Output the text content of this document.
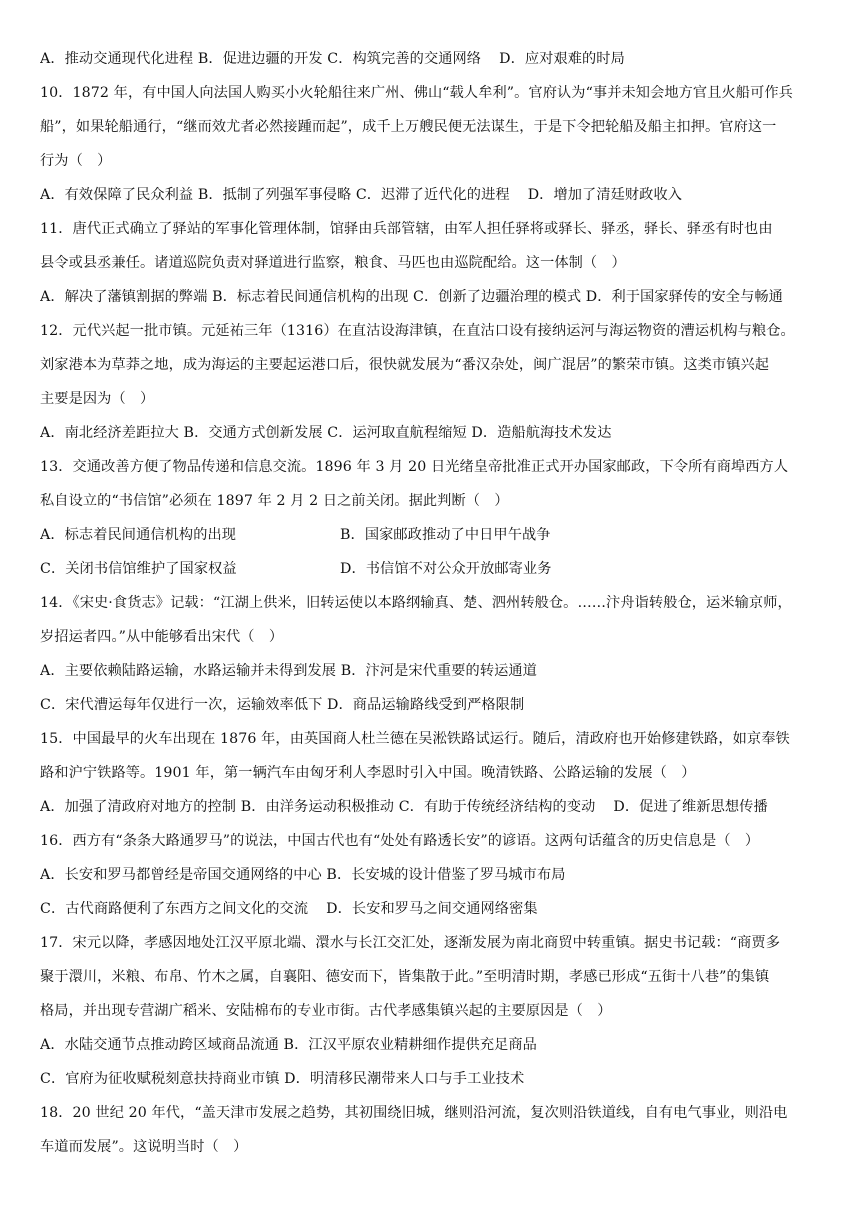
A．推动交通现代化进程 B．促进边疆的开发 C．构筑完善的交通网络 D．应对艰难的时局
10．1872 年，有中国人向法国人购买小火轮船往来广州、佛山“载人牟利”。官府认为“事并未知会地方官且火船可作兵
船”，如果轮船通行，“继而效尤者必然接踵而起”，成千上万艘民便无法谋生，于是下令把轮船及船主扣押。官府这一
行为（　）
A．有效保障了民众利益 B．抵制了列强军事侵略 C．迟滞了近代化的进程 D．增加了清廷财政收入
11．唐代正式确立了驿站的军事化管理体制，馆驿由兵部管辖，由军人担任驿将或驿长、驿丞，驿长、驿丞有时也由
县令或县丞兼任。诸道巡院负责对驿道进行监察，粮食、马匹也由巡院配给。这一体制（　）
A．解决了藩镇割据的弊端 B．标志着民间通信机构的出现 C．创新了边疆治理的模式 D．利于国家驿传的安全与畅通
12．元代兴起一批市镇。元延祐三年（1316）在直沽设海津镇，在直沽口设有接纳运河与海运物资的漕运机构与粮仓。
刘家港本为草莽之地，成为海运的主要起运港口后，很快就发展为“番汉杂处，闽广混居”的繁荣市镇。这类市镇兴起
主要是因为（　）
A．南北经济差距拉大 B．交通方式创新发展 C．运河取直航程缩短 D．造船航海技术发达
13．交通改善方便了物品传递和信息交流。1896 年 3 月 20 日光绪皇帝批准正式开办国家邮政，下令所有商埠西方人
私自设立的“书信馆”必须在 1897 年 2 月 2 日之前关闭。据此判断（　）
A．标志着民间通信机构的出现	B．国家邮政推动了中日甲午战争
C．关闭书信馆维护了国家权益	D．书信馆不对公众开放邮寄业务
14．《宋史·食货志》记载：“江湖上供米，旧转运使以本路纲输真、楚、泗州转般仓。……汴舟诣转般仓，运米输京师，
岁招运者四。”从中能够看出宋代（　）
A．主要依赖陆路运输，水路运输并未得到发展 B．汴河是宋代重要的转运通道
C．宋代漕运每年仅进行一次，运输效率低下 D．商品运输路线受到严格限制
15．中国最早的火车出现在 1876 年，由英国商人杜兰德在吴淞铁路试运行。随后，清政府也开始修建铁路，如京奉铁
路和沪宁铁路等。1901 年，第一辆汽车由匈牙利人李恩时引入中国。晚清铁路、公路运输的发展（　）
A．加强了清政府对地方的控制 B．由洋务运动积极推动 C．有助于传统经济结构的变动 D．促进了维新思想传播
16．西方有“条条大路通罗马”的说法，中国古代也有“处处有路透长安”的谚语。这两句话蕴含的历史信息是（　）
A．长安和罗马都曾经是帝国交通网络的中心 B．长安城的设计借鉴了罗马城市布局
C．古代商路便利了东西方之间文化的交流 D．长安和罗马之间交通网络密集
17．宋元以降，孝感因地处江汉平原北端、澴水与长江交汇处，逐渐发展为南北商贸中转重镇。据史书记载：“商贾多
聚于澴川，米粮、布帛、竹木之属，自襄阳、德安而下，皆集散于此。”至明清时期，孝感已形成“五街十八巷”的集镇
格局，并出现专营湖广稻米、安陆棉布的专业市街。古代孝感集镇兴起的主要原因是（　）
A．水陆交通节点推动跨区域商品流通 B．江汉平原农业精耕细作提供充足商品
C．官府为征收赋税刻意扶持商业市镇 D．明清移民潮带来人口与手工业技术
18．20 世纪 20 年代，“盖天津市发展之趋势，其初围绕旧城，继则沿河流，复次则沿铁道线，自有电气事业，则沿电
车道而发展”。这说明当时（　）
